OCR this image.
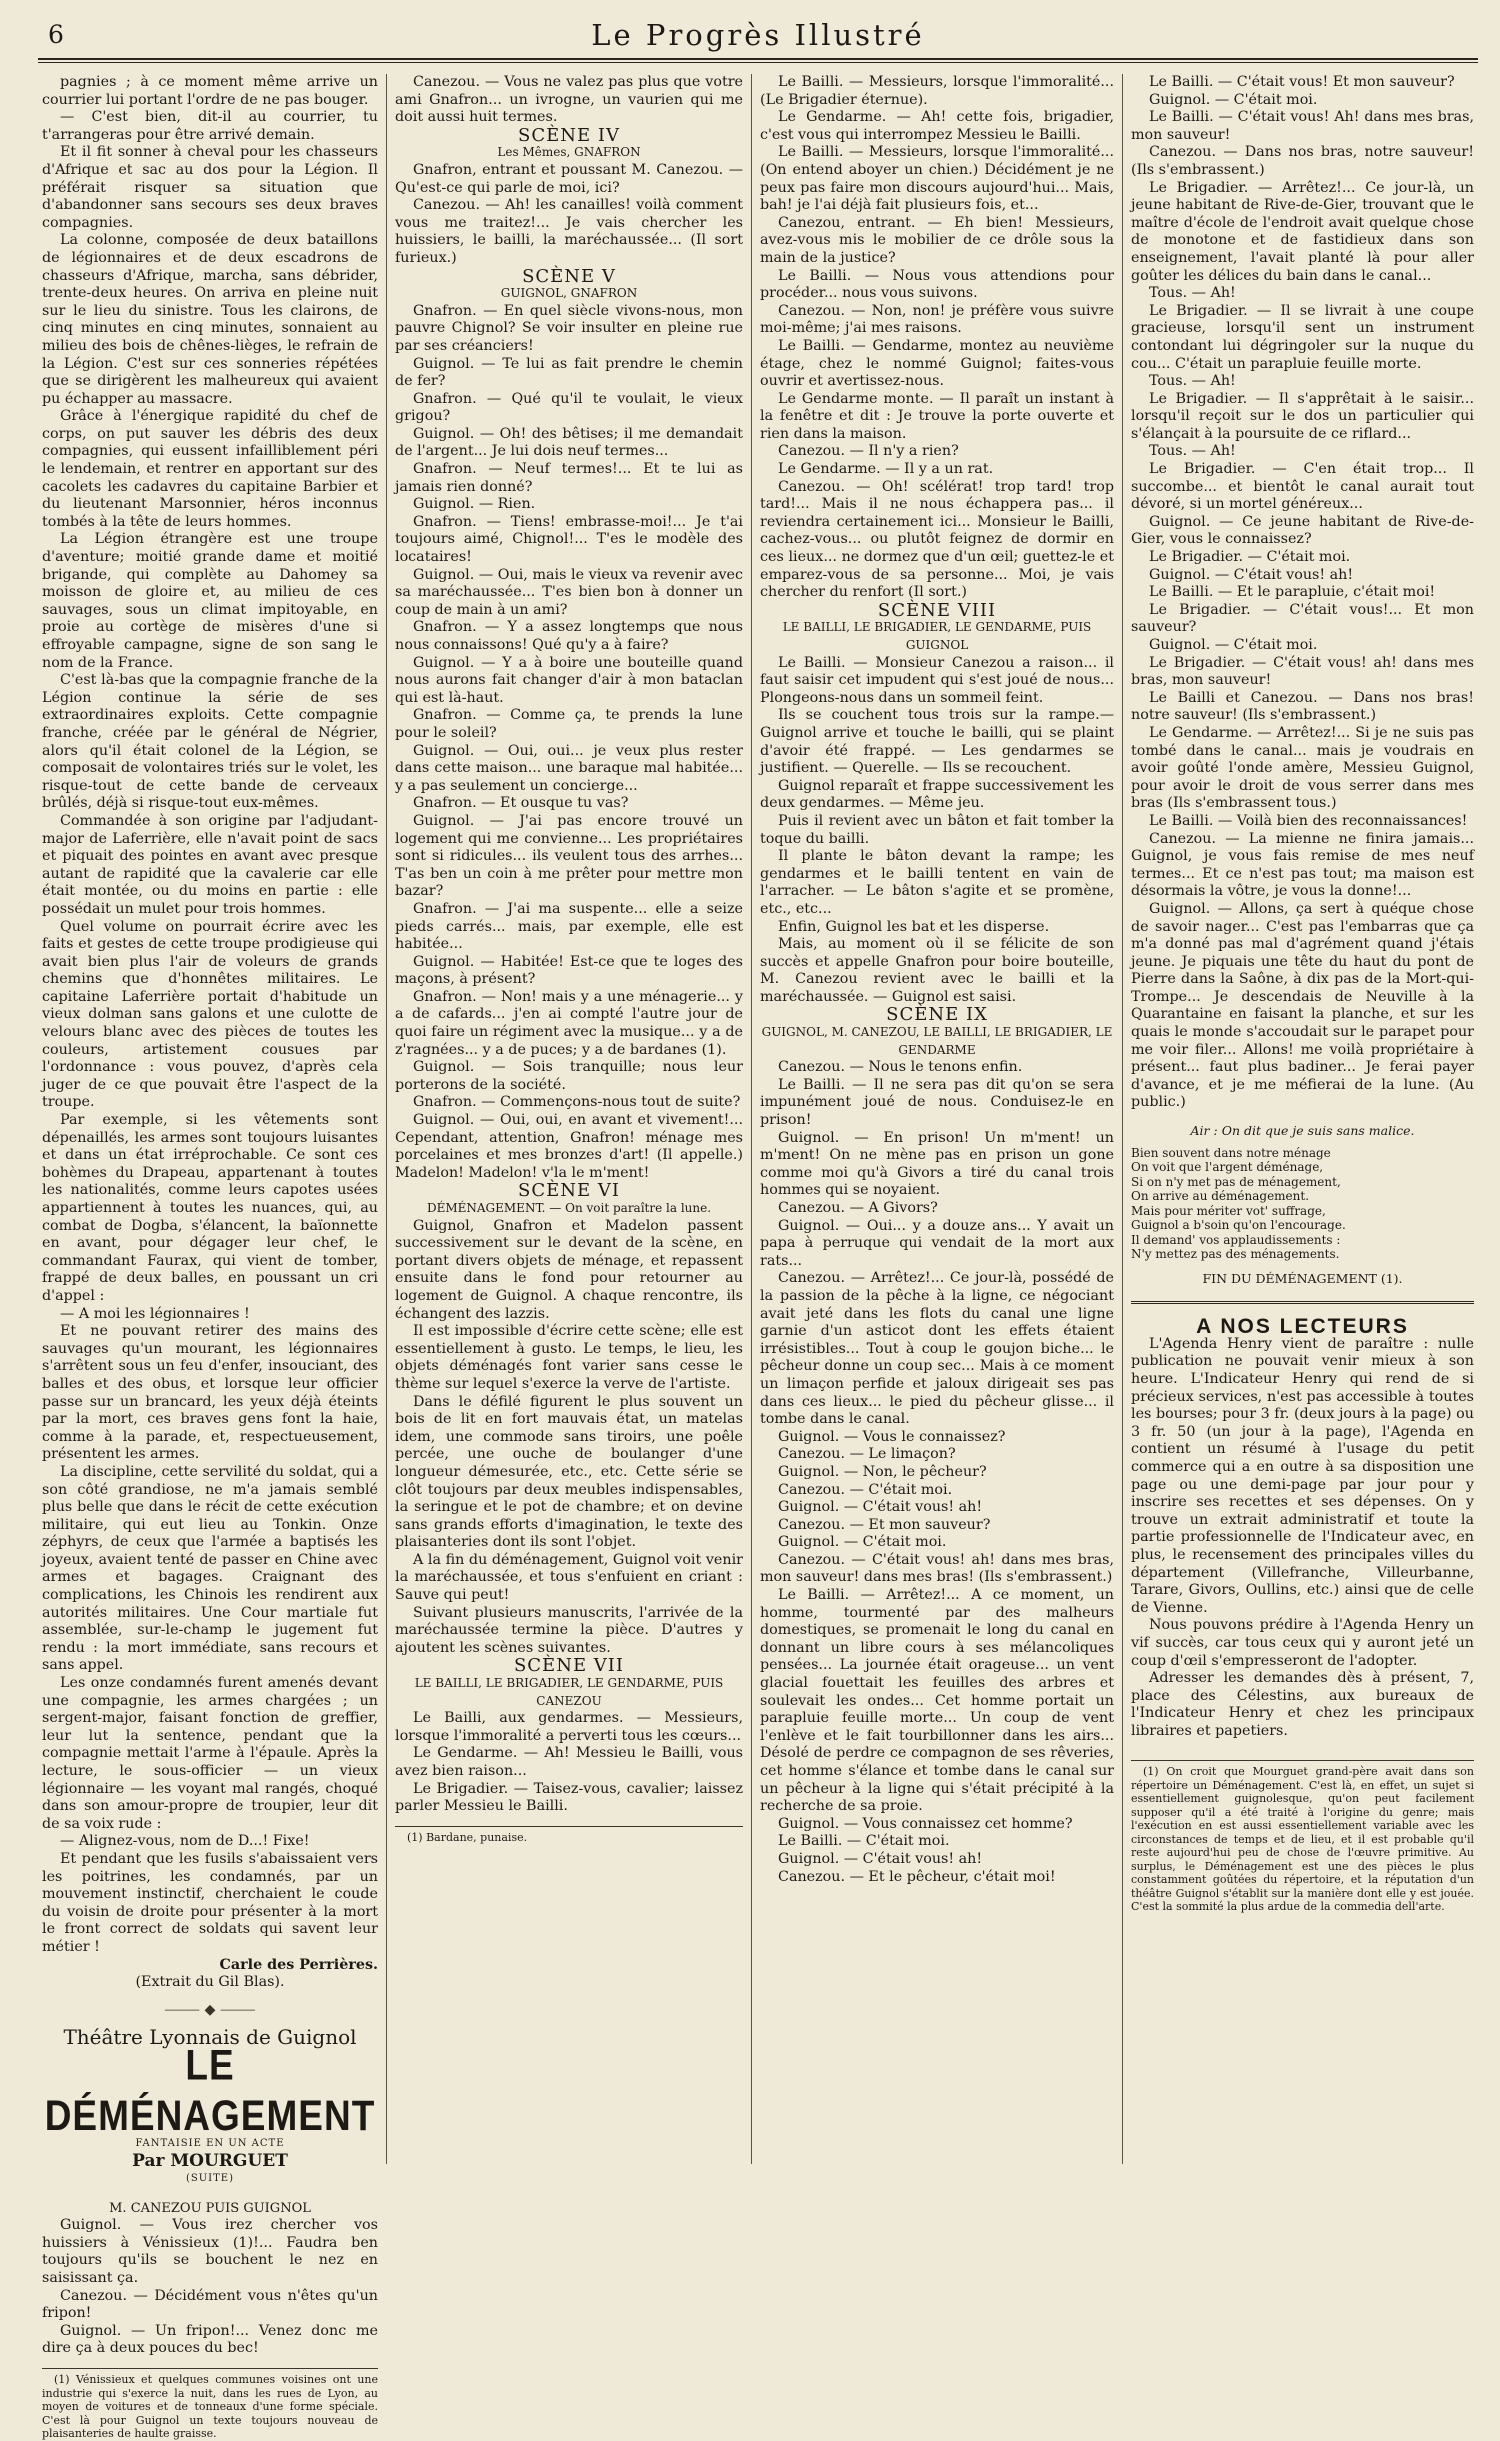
6	Le Progrès Illustré

pagnies ; à ce moment même arrive un courrier lui portant l'ordre de ne pas bouger.

— C'est bien, dit-il au courrier, tu t'arrangeras pour être arrivé demain.

Et il fit sonner à cheval pour les chasseurs d'Afrique et sac au dos pour la Légion. Il préférait risquer sa situation que d'abandonner sans secours ses deux braves compagnies.

La colonne, composée de deux bataillons de légionnaires et de deux escadrons de chasseurs d'Afrique, marcha, sans débrider, trente-deux heures. On arriva en pleine nuit sur le lieu du sinistre. Tous les clairons, de cinq minutes en cinq minutes, sonnaient au milieu des bois de chênes-lièges, le refrain de la Légion. C'est sur ces sonneries répétées que se dirigèrent les malheureux qui avaient pu échapper au massacre.

Grâce à l'énergique rapidité du chef de corps, on put sauver les débris des deux compagnies, qui eussent infailliblement péri le lendemain, et rentrer en apportant sur des cacolets les cadavres du capitaine Barbier et du lieutenant Marsonnier, héros inconnus tombés à la tête de leurs hommes.

La Légion étrangère est une troupe d'aventure; moitié grande dame et moitié brigande, qui complète au Dahomey sa moisson de gloire et, au milieu de ces sauvages, sous un climat impitoyable, en proie au cortège de misères d'une si effroyable campagne, signe de son sang le nom de la France.

C'est là-bas que la compagnie franche de la Légion continue la série de ses extraordinaires exploits. Cette compagnie franche, créée par le général de Négrier, alors qu'il était colonel de la Légion, se composait de volontaires triés sur le volet, les risque-tout de cette bande de cerveaux brûlés, déjà si risque-tout eux-mêmes.

Commandée à son origine par l'adjudant-major de Laferrière, elle n'avait point de sacs et piquait des pointes en avant avec presque autant de rapidité que la cavalerie car elle était montée, ou du moins en partie : elle possédait un mulet pour trois hommes.

Quel volume on pourrait écrire avec les faits et gestes de cette troupe prodigieuse qui avait bien plus l'air de voleurs de grands chemins que d'honnêtes militaires. Le capitaine Laferrière portait d'habitude un vieux dolman sans galons et une culotte de velours blanc avec des pièces de toutes les couleurs, artistement cousues par l'ordonnance : vous pouvez, d'après cela juger de ce que pouvait être l'aspect de la troupe.

Par exemple, si les vêtements sont dépenaillés, les armes sont toujours luisantes et dans un état irréprochable. Ce sont ces bohèmes du Drapeau, appartenant à toutes les nationalités, comme leurs capotes usées appartiennent à toutes les nuances, qui, au combat de Dogba, s'élancent, la baïonnette en avant, pour dégager leur chef, le commandant Faurax, qui vient de tomber, frappé de deux balles, en poussant un cri d'appel :

— A moi les légionnaires !

Et ne pouvant retirer des mains des sauvages qu'un mourant, les légionnaires s'arrêtent sous un feu d'enfer, insouciant, des balles et des obus, et lorsque leur officier passe sur un brancard, les yeux déjà éteints par la mort, ces braves gens font la haie, comme à la parade, et, respectueusement, présentent les armes.

La discipline, cette servilité du soldat, qui a son côté grandiose, ne m'a jamais semblé plus belle que dans le récit de cette exécution militaire, qui eut lieu au Tonkin. Onze zéphyrs, de ceux que l'armée a baptisés les joyeux, avaient tenté de passer en Chine avec armes et bagages. Craignant des complications, les Chinois les rendirent aux autorités militaires. Une Cour martiale fut assemblée, sur-le-champ le jugement fut rendu : la mort immédiate, sans recours et sans appel.

Les onze condamnés furent amenés devant une compagnie, les armes chargées ; un sergent-major, faisant fonction de greffier, leur lut la sentence, pendant que la compagnie mettait l'arme à l'épaule. Après la lecture, le sous-officier — un vieux légionnaire — les voyant mal rangés, choqué dans son amour-propre de troupier, leur dit de sa voix rude :

— Alignez-vous, nom de D...! Fixe!

Et pendant que les fusils s'abaissaient vers les poitrines, les condamnés, par un mouvement instinctif, cherchaient le coude du voisin de droite pour présenter à la mort le front correct de soldats qui savent leur métier !

Carle des Perrières.

(Extrait du Gil Blas).

⸻ ◆ ⸻

Théâtre Lyonnais de Guignol

LE DÉMÉNAGEMENT

FANTAISIE EN UN ACTE

Par MOURGUET

(SUITE)

M. CANEZOU PUIS GUIGNOL

Guignol. — Vous irez chercher vos huissiers à Vénissieux (1)!... Faudra ben toujours qu'ils se bouchent le nez en saisissant ça.

Canezou. — Décidément vous n'êtes qu'un fripon!

Guignol. — Un fripon!... Venez donc me dire ça à deux pouces du bec!

(1) Vénissieux et quelques communes voisines ont une industrie qui s'exerce la nuit, dans les rues de Lyon, au moyen de voitures et de tonneaux d'une forme spéciale. C'est là pour Guignol un texte toujours nouveau de plaisanteries de haulte graisse.

Canezou. — Vous ne valez pas plus que votre ami Gnafron... un ivrogne, un vaurien qui me doit aussi huit termes.

SCÈNE IV

Les Mêmes, GNAFRON

Gnafron, entrant et poussant M. Canezou. — Qu'est-ce qui parle de moi, ici?

Canezou. — Ah! les canailles! voilà comment vous me traitez!... Je vais chercher les huissiers, le bailli, la maréchaussée... (Il sort furieux.)

SCÈNE V

GUIGNOL, GNAFRON

Gnafron. — En quel siècle vivons-nous, mon pauvre Chignol? Se voir insulter en pleine rue par ses créanciers!

Guignol. — Te lui as fait prendre le chemin de fer?

Gnafron. — Qué qu'il te voulait, le vieux grigou?

Guignol. — Oh! des bêtises; il me demandait de l'argent... Je lui dois neuf termes...

Gnafron. — Neuf termes!... Et te lui as jamais rien donné?

Guignol. — Rien.

Gnafron. — Tiens! embrasse-moi!... Je t'ai toujours aimé, Chignol!... T'es le modèle des locataires!

Guignol. — Oui, mais le vieux va revenir avec sa maréchaussée... T'es bien bon à donner un coup de main à un ami?

Gnafron. — Y a assez longtemps que nous nous connaissons! Qué qu'y a à faire?

Guignol. — Y a à boire une bouteille quand nous aurons fait changer d'air à mon bataclan qui est là-haut.

Gnafron. — Comme ça, te prends la lune pour le soleil?

Guignol. — Oui, oui... je veux plus rester dans cette maison... une baraque mal habitée... y a pas seulement un concierge...

Gnafron. — Et ousque tu vas?

Guignol. — J'ai pas encore trouvé un logement qui me convienne... Les propriétaires sont si ridicules... ils veulent tous des arrhes... T'as ben un coin à me prêter pour mettre mon bazar?

Gnafron. — J'ai ma suspente... elle a seize pieds carrés... mais, par exemple, elle est habitée...

Guignol. — Habitée! Est-ce que te loges des maçons, à présent?

Gnafron. — Non! mais y a une ménagerie... y a de cafards... j'en ai compté l'autre jour de quoi faire un régiment avec la musique... y a de z'ragnées... y a de puces; y a de bardanes (1).

Guignol. — Sois tranquille; nous leur porterons de la société.

Gnafron. — Commençons-nous tout de suite?

Guignol. — Oui, oui, en avant et vivement!... Cependant, attention, Gnafron! ménage mes porcelaines et mes bronzes d'art! (Il appelle.) Madelon! Madelon! v'la le m'ment!

SCÈNE VI

DÉMÉNAGEMENT. — On voit paraître la lune.

Guignol, Gnafron et Madelon passent successivement sur le devant de la scène, en portant divers objets de ménage, et repassent ensuite dans le fond pour retourner au logement de Guignol. A chaque rencontre, ils échangent des lazzis.

Il est impossible d'écrire cette scène; elle est essentiellement à gusto. Le temps, le lieu, les objets déménagés font varier sans cesse le thème sur lequel s'exerce la verve de l'artiste.

Dans le défilé figurent le plus souvent un bois de lit en fort mauvais état, un matelas idem, une commode sans tiroirs, une poêle percée, une ouche de boulanger d'une longueur démesurée, etc., etc. Cette série se clôt toujours par deux meubles indispensables, la seringue et le pot de chambre; et on devine sans grands efforts d'imagination, le texte des plaisanteries dont ils sont l'objet.

A la fin du déménagement, Guignol voit venir la maréchaussée, et tous s'enfuient en criant : Sauve qui peut!

Suivant plusieurs manuscrits, l'arrivée de la maréchaussée termine la pièce. D'autres y ajoutent les scènes suivantes.

SCÈNE VII

LE BAILLI, LE BRIGADIER, LE GENDARME, PUIS CANEZOU

Le Bailli, aux gendarmes. — Messieurs, lorsque l'immoralité a perverti tous les cœurs...

Le Gendarme. — Ah! Messieu le Bailli, vous avez bien raison...

Le Brigadier. — Taisez-vous, cavalier; laissez parler Messieu le Bailli.

(1) Bardane, punaise.

Le Bailli. — Messieurs, lorsque l'immoralité... (Le Brigadier éternue).

Le Gendarme. — Ah! cette fois, brigadier, c'est vous qui interrompez Messieu le Bailli.

Le Bailli. — Messieurs, lorsque l'immoralité... (On entend aboyer un chien.) Décidément je ne peux pas faire mon discours aujourd'hui... Mais, bah! je l'ai déjà fait plusieurs fois, et...

Canezou, entrant. — Eh bien! Messieurs, avez-vous mis le mobilier de ce drôle sous la main de la justice?

Le Bailli. — Nous vous attendions pour procéder... nous vous suivons.

Canezou. — Non, non! je préfère vous suivre moi-même; j'ai mes raisons.

Le Bailli. — Gendarme, montez au neuvième étage, chez le nommé Guignol; faites-vous ouvrir et avertissez-nous.

Le Gendarme monte. — Il paraît un instant à la fenêtre et dit : Je trouve la porte ouverte et rien dans la maison.

Canezou. — Il n'y a rien?

Le Gendarme. — Il y a un rat.

Canezou. — Oh! scélérat! trop tard! trop tard!... Mais il ne nous échappera pas... il reviendra certainement ici... Monsieur le Bailli, cachez-vous... ou plutôt feignez de dormir en ces lieux... ne dormez que d'un œil; guettez-le et emparez-vous de sa personne... Moi, je vais chercher du renfort (Il sort.)

SCÈNE VIII

LE BAILLI, LE BRIGADIER, LE GENDARME, PUIS GUIGNOL

Le Bailli. — Monsieur Canezou a raison... il faut saisir cet impudent qui s'est joué de nous... Plongeons-nous dans un sommeil feint.

Ils se couchent tous trois sur la rampe.— Guignol arrive et touche le bailli, qui se plaint d'avoir été frappé. — Les gendarmes se justifient. — Querelle. — Ils se recouchent.

Guignol reparaît et frappe successivement les deux gendarmes. — Même jeu.

Puis il revient avec un bâton et fait tomber la toque du bailli.

Il plante le bâton devant la rampe; les gendarmes et le bailli tentent en vain de l'arracher. — Le bâton s'agite et se promène, etc., etc...

Enfin, Guignol les bat et les disperse.

Mais, au moment où il se félicite de son succès et appelle Gnafron pour boire bouteille, M. Canezou revient avec le bailli et la maréchaussée. — Guignol est saisi.

SCÈNE IX

GUIGNOL, M. CANEZOU, LE BAILLI, LE BRIGADIER, LE GENDARME

Canezou. — Nous le tenons enfin.

Le Bailli. — Il ne sera pas dit qu'on se sera impunément joué de nous. Conduisez-le en prison!

Guignol. — En prison! Un m'ment! un m'ment! On ne mène pas en prison un gone comme moi qu'à Givors a tiré du canal trois hommes qui se noyaient.

Canezou. — A Givors?

Guignol. — Oui... y a douze ans... Y avait un papa à perruque qui vendait de la mort aux rats...

Canezou. — Arrêtez!... Ce jour-là, possédé de la passion de la pêche à la ligne, ce négociant avait jeté dans les flots du canal une ligne garnie d'un asticot dont les effets étaient irrésistibles... Tout à coup le goujon biche... le pêcheur donne un coup sec... Mais à ce moment un limaçon perfide et jaloux dirigeait ses pas dans ces lieux... le pied du pêcheur glisse... il tombe dans le canal.

Guignol. — Vous le connaissez?

Canezou. — Le limaçon?

Guignol. — Non, le pêcheur?

Canezou. — C'était moi.

Guignol. — C'était vous! ah!

Canezou. — Et mon sauveur?

Guignol. — C'était moi.

Canezou. — C'était vous! ah! dans mes bras, mon sauveur! dans mes bras! (Ils s'embrassent.)

Le Bailli. — Arrêtez!... A ce moment, un homme, tourmenté par des malheurs domestiques, se promenait le long du canal en donnant un libre cours à ses mélancoliques pensées... La journée était orageuse... un vent glacial fouettait les feuilles des arbres et soulevait les ondes... Cet homme portait un parapluie feuille morte... Un coup de vent l'enlève et le fait tourbillonner dans les airs... Désolé de perdre ce compagnon de ses rêveries, cet homme s'élance et tombe dans le canal sur un pêcheur à la ligne qui s'était précipité à la recherche de sa proie.

Guignol. — Vous connaissez cet homme?

Le Bailli. — C'était moi.

Guignol. — C'était vous! ah!

Canezou. — Et le pêcheur, c'était moi!

Le Bailli. — C'était vous! Et mon sauveur?

Guignol. — C'était moi.

Le Bailli. — C'était vous! Ah! dans mes bras, mon sauveur!

Canezou. — Dans nos bras, notre sauveur! (Ils s'embrassent.)

Le Brigadier. — Arrêtez!... Ce jour-là, un jeune habitant de Rive-de-Gier, trouvant que le maître d'école de l'endroit avait quelque chose de monotone et de fastidieux dans son enseignement, l'avait planté là pour aller goûter les délices du bain dans le canal...

Tous. — Ah!

Le Brigadier. — Il se livrait à une coupe gracieuse, lorsqu'il sent un instrument contondant lui dégringoler sur la nuque du cou... C'était un parapluie feuille morte.

Tous. — Ah!

Le Brigadier. — Il s'apprêtait à le saisir... lorsqu'il reçoit sur le dos un particulier qui s'élançait à la poursuite de ce riflard...

Tous. — Ah!

Le Brigadier. — C'en était trop... Il succombe... et bientôt le canal aurait tout dévoré, si un mortel généreux...

Guignol. — Ce jeune habitant de Rive-de-Gier, vous le connaissez?

Le Brigadier. — C'était moi.

Guignol. — C'était vous! ah!

Le Bailli. — Et le parapluie, c'était moi!

Le Brigadier. — C'était vous!... Et mon sauveur?

Guignol. — C'était moi.

Le Brigadier. — C'était vous! ah! dans mes bras, mon sauveur!

Le Bailli et Canezou. — Dans nos bras! notre sauveur! (Ils s'embrassent.)

Le Gendarme. — Arrêtez!... Si je ne suis pas tombé dans le canal... mais je voudrais en avoir goûté l'onde amère, Messieu Guignol, pour avoir le droit de vous serrer dans mes bras (Ils s'embrassent tous.)

Le Bailli. — Voilà bien des reconnaissances!

Canezou. — La mienne ne finira jamais... Guignol, je vous fais remise de mes neuf termes... Et ce n'est pas tout; ma maison est désormais la vôtre, je vous la donne!...

Guignol. — Allons, ça sert à quéque chose de savoir nager... C'est pas l'embarras que ça m'a donné pas mal d'agrément quand j'étais jeune. Je piquais une tête du haut du pont de Pierre dans la Saône, à dix pas de la Mort-qui-Trompe... Je descendais de Neuville à la Quarantaine en faisant la planche, et sur les quais le monde s'accoudait sur le parapet pour me voir filer... Allons! me voilà propriétaire à présent... faut plus badiner... Je ferai payer d'avance, et je me méfierai de la lune. (Au public.)

Air : On dit que je suis sans malice.

Bien souvent dans notre ménage

On voit que l'argent déménage,

Si on n'y met pas de ménagement,

On arrive au déménagement.

Mais pour mériter vot' suffrage,

Guignol a b'soin qu'on l'encourage.

Il demand' vos applaudissements :

N'y mettez pas des ménagements.

FIN DU DÉMÉNAGEMENT (1).

A NOS LECTEURS

L'Agenda Henry vient de paraître : nulle publication ne pouvait venir mieux à son heure. L'Indicateur Henry qui rend de si précieux services, n'est pas accessible à toutes les bourses; pour 3 fr. (deux jours à la page) ou 3 fr. 50 (un jour à la page), l'Agenda en contient un résumé à l'usage du petit commerce qui a en outre à sa disposition une page ou une demi-page par jour pour y inscrire ses recettes et ses dépenses. On y trouve un extrait administratif et toute la partie professionnelle de l'Indicateur avec, en plus, le recensement des principales villes du département (Villefranche, Villeurbanne, Tarare, Givors, Oullins, etc.) ainsi que de celle de Vienne.

Nous pouvons prédire à l'Agenda Henry un vif succès, car tous ceux qui y auront jeté un coup d'œil s'empresseront de l'adopter.

Adresser les demandes dès à présent, 7, place des Célestins, aux bureaux de l'Indicateur Henry et chez les principaux libraires et papetiers.

(1) On croit que Mourguet grand-père avait dans son répertoire un Déménagement. C'est là, en effet, un sujet si essentiellement guignolesque, qu'on peut facilement supposer qu'il a été traité à l'origine du genre; mais l'exécution en est aussi essentiellement variable avec les circonstances de temps et de lieu, et il est probable qu'il reste aujourd'hui peu de chose de l'œuvre primitive. Au surplus, le Déménagement est une des pièces le plus constamment goûtées du répertoire, et la réputation d'un théâtre Guignol s'établit sur la manière dont elle y est jouée. C'est la sommité la plus ardue de la commedia dell'arte.
